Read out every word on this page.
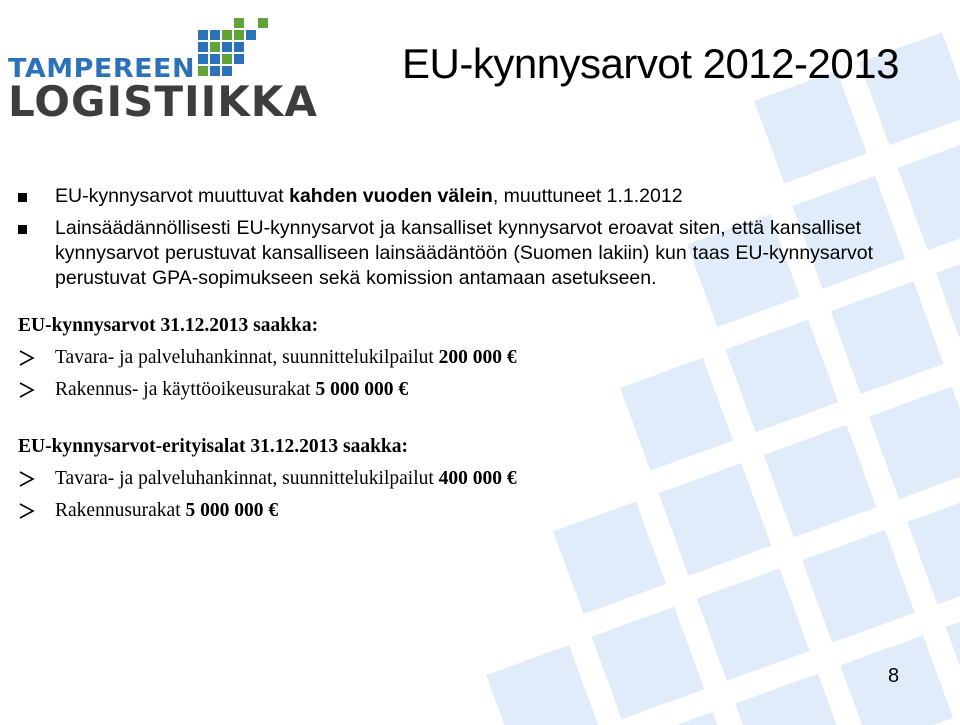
TAMPEREEN
LOGISTIIKKA
EU-kynnysarvot 2012-2013
EU-kynnysarvot muuttuvat kahden vuoden välein, muuttuneet 1.1.2012
Lainsäädännöllisesti EU-kynnysarvot ja kansalliset kynnysarvot eroavat siten, että kansalliset kynnysarvot perustuvat kansalliseen lainsäädäntöön (Suomen lakiin) kun taas EU-kynnysarvot perustuvat GPA-sopimukseen sekä komission antamaan asetukseen.
EU-kynnysarvot 31.12.2013 saakka:
Tavara- ja palveluhankinnat, suunnittelukilpailut 200 000 €
Rakennus- ja käyttöoikeusurakat 5 000 000 €
EU-kynnysarvot-erityisalat 31.12.2013 saakka:
Tavara- ja palveluhankinnat, suunnittelukilpailut 400 000 €
Rakennusurakat 5 000 000 €
8
